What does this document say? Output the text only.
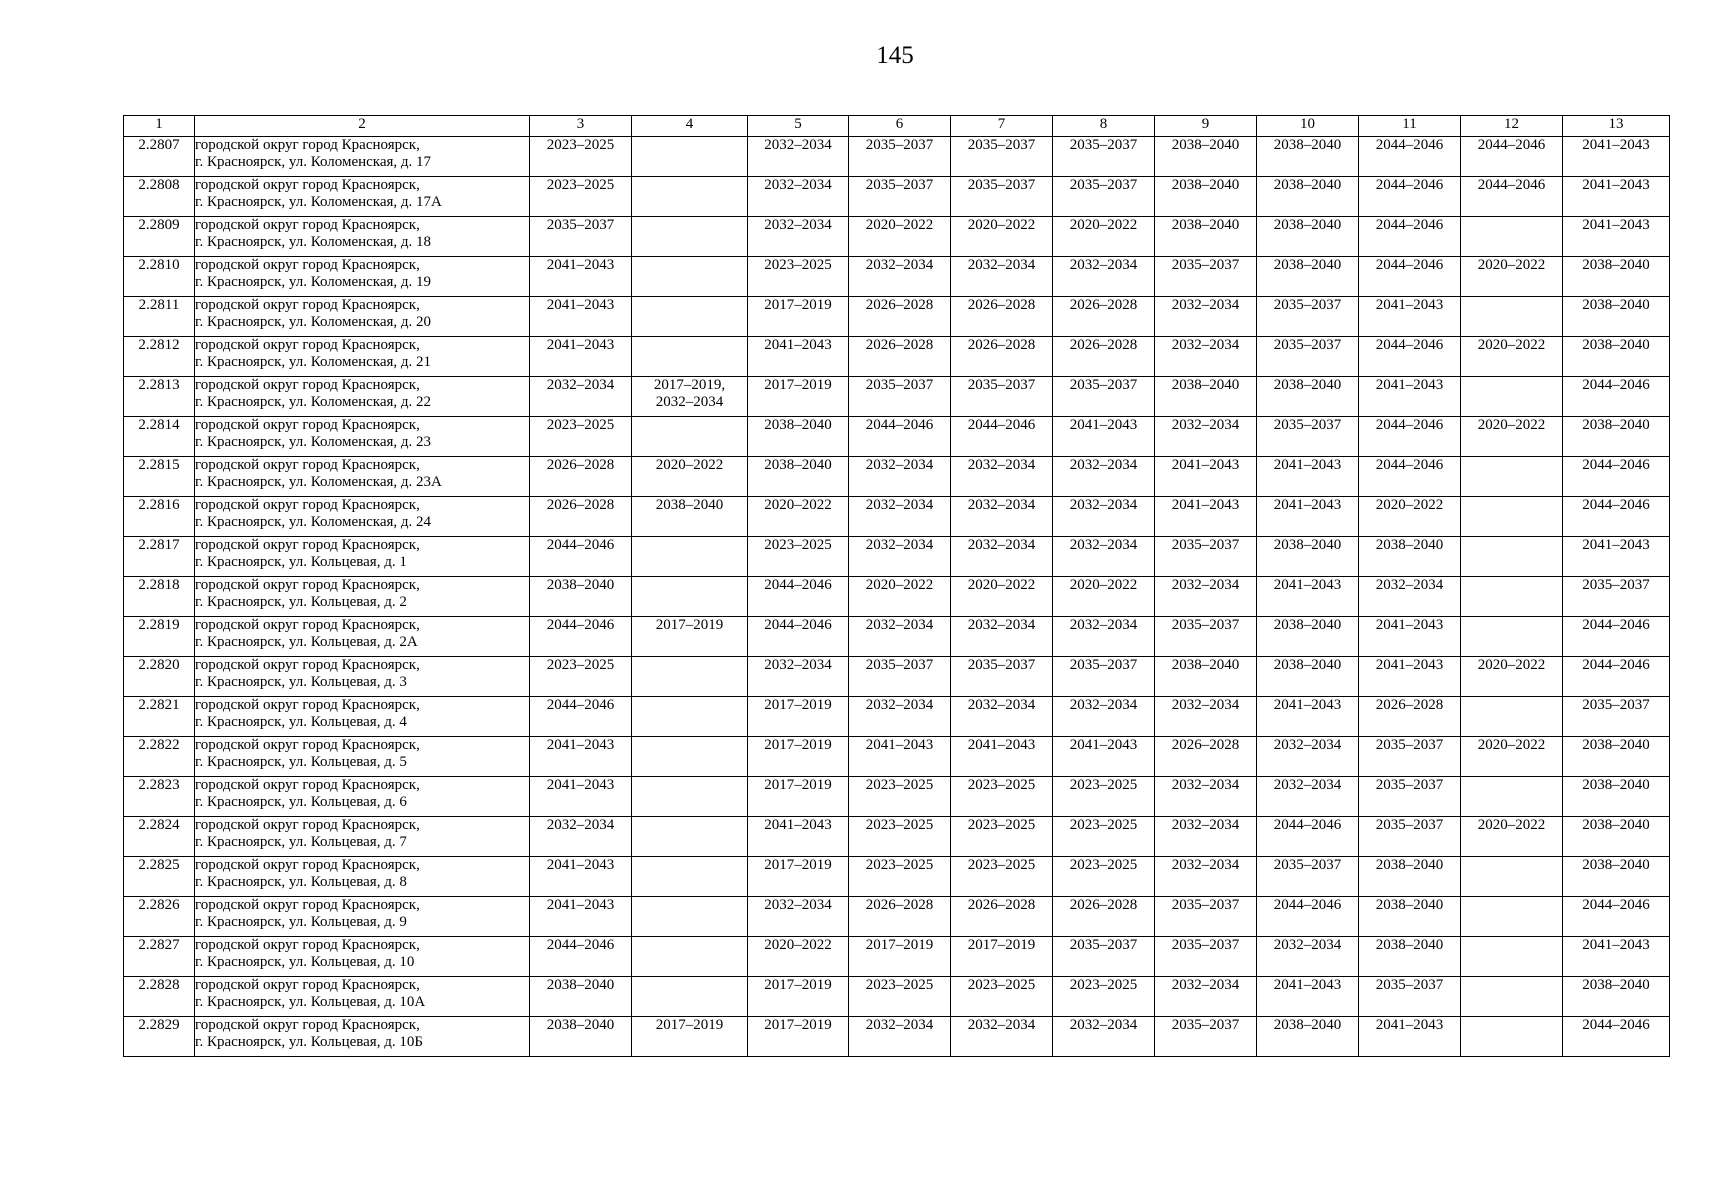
145
1	2	3	4	5	6	7	8	9	10	11	12	13
2.2807	городской округ город Красноярск,
г. Красноярск, ул. Коломенская, д. 17	2023–2025		2032–2034	2035–2037	2035–2037	2035–2037	2038–2040	2038–2040	2044–2046	2044–2046	2041–2043
2.2808	городской округ город Красноярск,
г. Красноярск, ул. Коломенская, д. 17А	2023–2025		2032–2034	2035–2037	2035–2037	2035–2037	2038–2040	2038–2040	2044–2046	2044–2046	2041–2043
2.2809	городской округ город Красноярск,
г. Красноярск, ул. Коломенская, д. 18	2035–2037		2032–2034	2020–2022	2020–2022	2020–2022	2038–2040	2038–2040	2044–2046		2041–2043
2.2810	городской округ город Красноярск,
г. Красноярск, ул. Коломенская, д. 19	2041–2043		2023–2025	2032–2034	2032–2034	2032–2034	2035–2037	2038–2040	2044–2046	2020–2022	2038–2040
2.2811	городской округ город Красноярск,
г. Красноярск, ул. Коломенская, д. 20	2041–2043		2017–2019	2026–2028	2026–2028	2026–2028	2032–2034	2035–2037	2041–2043		2038–2040
2.2812	городской округ город Красноярск,
г. Красноярск, ул. Коломенская, д. 21	2041–2043		2041–2043	2026–2028	2026–2028	2026–2028	2032–2034	2035–2037	2044–2046	2020–2022	2038–2040
2.2813	городской округ город Красноярск,
г. Красноярск, ул. Коломенская, д. 22	2032–2034	2017–2019,
2032–2034	2017–2019	2035–2037	2035–2037	2035–2037	2038–2040	2038–2040	2041–2043		2044–2046
2.2814	городской округ город Красноярск,
г. Красноярск, ул. Коломенская, д. 23	2023–2025		2038–2040	2044–2046	2044–2046	2041–2043	2032–2034	2035–2037	2044–2046	2020–2022	2038–2040
2.2815	городской округ город Красноярск,
г. Красноярск, ул. Коломенская, д. 23А	2026–2028	2020–2022	2038–2040	2032–2034	2032–2034	2032–2034	2041–2043	2041–2043	2044–2046		2044–2046
2.2816	городской округ город Красноярск,
г. Красноярск, ул. Коломенская, д. 24	2026–2028	2038–2040	2020–2022	2032–2034	2032–2034	2032–2034	2041–2043	2041–2043	2020–2022		2044–2046
2.2817	городской округ город Красноярск,
г. Красноярск, ул. Кольцевая, д. 1	2044–2046		2023–2025	2032–2034	2032–2034	2032–2034	2035–2037	2038–2040	2038–2040		2041–2043
2.2818	городской округ город Красноярск,
г. Красноярск, ул. Кольцевая, д. 2	2038–2040		2044–2046	2020–2022	2020–2022	2020–2022	2032–2034	2041–2043	2032–2034		2035–2037
2.2819	городской округ город Красноярск,
г. Красноярск, ул. Кольцевая, д. 2А	2044–2046	2017–2019	2044–2046	2032–2034	2032–2034	2032–2034	2035–2037	2038–2040	2041–2043		2044–2046
2.2820	городской округ город Красноярск,
г. Красноярск, ул. Кольцевая, д. 3	2023–2025		2032–2034	2035–2037	2035–2037	2035–2037	2038–2040	2038–2040	2041–2043	2020–2022	2044–2046
2.2821	городской округ город Красноярск,
г. Красноярск, ул. Кольцевая, д. 4	2044–2046		2017–2019	2032–2034	2032–2034	2032–2034	2032–2034	2041–2043	2026–2028		2035–2037
2.2822	городской округ город Красноярск,
г. Красноярск, ул. Кольцевая, д. 5	2041–2043		2017–2019	2041–2043	2041–2043	2041–2043	2026–2028	2032–2034	2035–2037	2020–2022	2038–2040
2.2823	городской округ город Красноярск,
г. Красноярск, ул. Кольцевая, д. 6	2041–2043		2017–2019	2023–2025	2023–2025	2023–2025	2032–2034	2032–2034	2035–2037		2038–2040
2.2824	городской округ город Красноярск,
г. Красноярск, ул. Кольцевая, д. 7	2032–2034		2041–2043	2023–2025	2023–2025	2023–2025	2032–2034	2044–2046	2035–2037	2020–2022	2038–2040
2.2825	городской округ город Красноярск,
г. Красноярск, ул. Кольцевая, д. 8	2041–2043		2017–2019	2023–2025	2023–2025	2023–2025	2032–2034	2035–2037	2038–2040		2038–2040
2.2826	городской округ город Красноярск,
г. Красноярск, ул. Кольцевая, д. 9	2041–2043		2032–2034	2026–2028	2026–2028	2026–2028	2035–2037	2044–2046	2038–2040		2044–2046
2.2827	городской округ город Красноярск,
г. Красноярск, ул. Кольцевая, д. 10	2044–2046		2020–2022	2017–2019	2017–2019	2035–2037	2035–2037	2032–2034	2038–2040		2041–2043
2.2828	городской округ город Красноярск,
г. Красноярск, ул. Кольцевая, д. 10А	2038–2040		2017–2019	2023–2025	2023–2025	2023–2025	2032–2034	2041–2043	2035–2037		2038–2040
2.2829	городской округ город Красноярск,
г. Красноярск, ул. Кольцевая, д. 10Б	2038–2040	2017–2019	2017–2019	2032–2034	2032–2034	2032–2034	2035–2037	2038–2040	2041–2043		2044–2046
